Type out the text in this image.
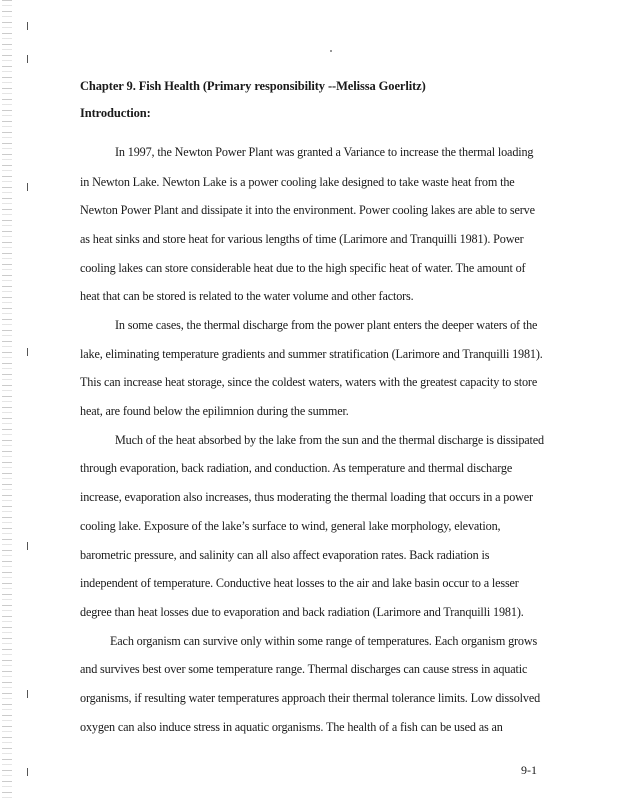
Chapter 9. Fish Health (Primary responsibility --Melissa Goerlitz)
Introduction:
In 1997, the Newton Power Plant was granted a Variance to increase the thermal loading
in Newton Lake. Newton Lake is a power cooling lake designed to take waste heat from the
Newton Power Plant and dissipate it into the environment. Power cooling lakes are able to serve
as heat sinks and store heat for various lengths of time (Larimore and Tranquilli 1981). Power
cooling lakes can store considerable heat due to the high specific heat of water. The amount of
heat that can be stored is related to the water volume and other factors.
In some cases, the thermal discharge from the power plant enters the deeper waters of the
lake, eliminating temperature gradients and summer stratification (Larimore and Tranquilli 1981).
This can increase heat storage, since the coldest waters, waters with the greatest capacity to store
heat, are found below the epilimnion during the summer.
Much of the heat absorbed by the lake from the sun and the thermal discharge is dissipated
through evaporation, back radiation, and conduction. As temperature and thermal discharge
increase, evaporation also increases, thus moderating the thermal loading that occurs in a power
cooling lake. Exposure of the lake’s surface to wind, general lake morphology, elevation,
barometric pressure, and salinity can all also affect evaporation rates. Back radiation is
independent of temperature. Conductive heat losses to the air and lake basin occur to a lesser
degree than heat losses due to evaporation and back radiation (Larimore and Tranquilli 1981).
Each organism can survive only within some range of temperatures. Each organism grows
and survives best over some temperature range. Thermal discharges can cause stress in aquatic
organisms, if resulting water temperatures approach their thermal tolerance limits. Low dissolved
oxygen can also induce stress in aquatic organisms. The health of a fish can be used as an
9-1
